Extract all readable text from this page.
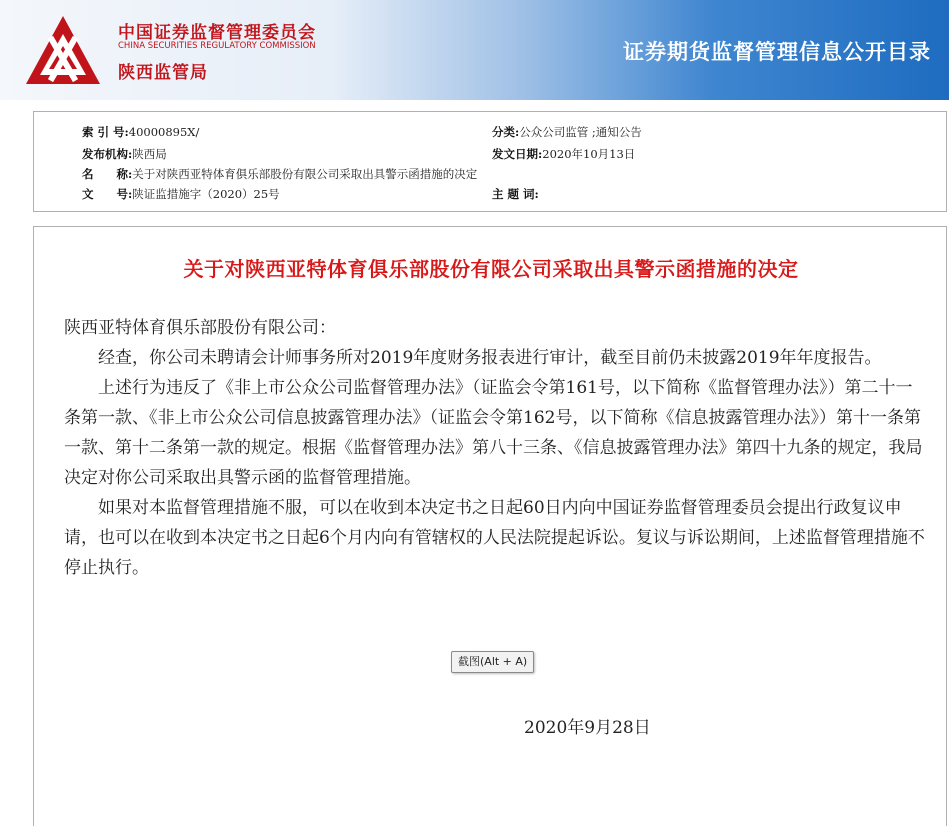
中国证券监督管理委员会
CHINA SECURITIES REGULATORY COMMISSION
陕西监管局
证券期货监督管理信息公开目录
索 引 号:40000895X/	分类:公众公司监管 ;通知公告
发布机构:陕西局	发文日期:2020年10月13日
名　　称:关于对陕西亚特体育俱乐部股份有限公司采取出具警示函措施的决定
文　　号:陕证监措施字（2020）25号	主 题 词:
关于对陕西亚特体育俱乐部股份有限公司采取出具警示函措施的决定

陕西亚特体育俱乐部股份有限公司：

经查，你公司未聘请会计师事务所对2019年度财务报表进行审计，截至目前仍未披露2019年年度报告。

上述行为违反了《非上市公众公司监督管理办法》（证监会令第161号，以下简称《监督管理办法》）第二十一条第一款、《非上市公众公司信息披露管理办法》（证监会令第162号，以下简称《信息披露管理办法》）第十一条第一款、第十二条第一款的规定。根据《监督管理办法》第八十三条、《信息披露管理办法》第四十九条的规定，我局决定对你公司采取出具警示函的监督管理措施。

如果对本监督管理措施不服，可以在收到本决定书之日起60日内向中国证券监督管理委员会提出行政复议申请，也可以在收到本决定书之日起6个月内向有管辖权的人民法院提起诉讼。复议与诉讼期间，上述监督管理措施不停止执行。

2020年9月28日
截图(Alt + A)
